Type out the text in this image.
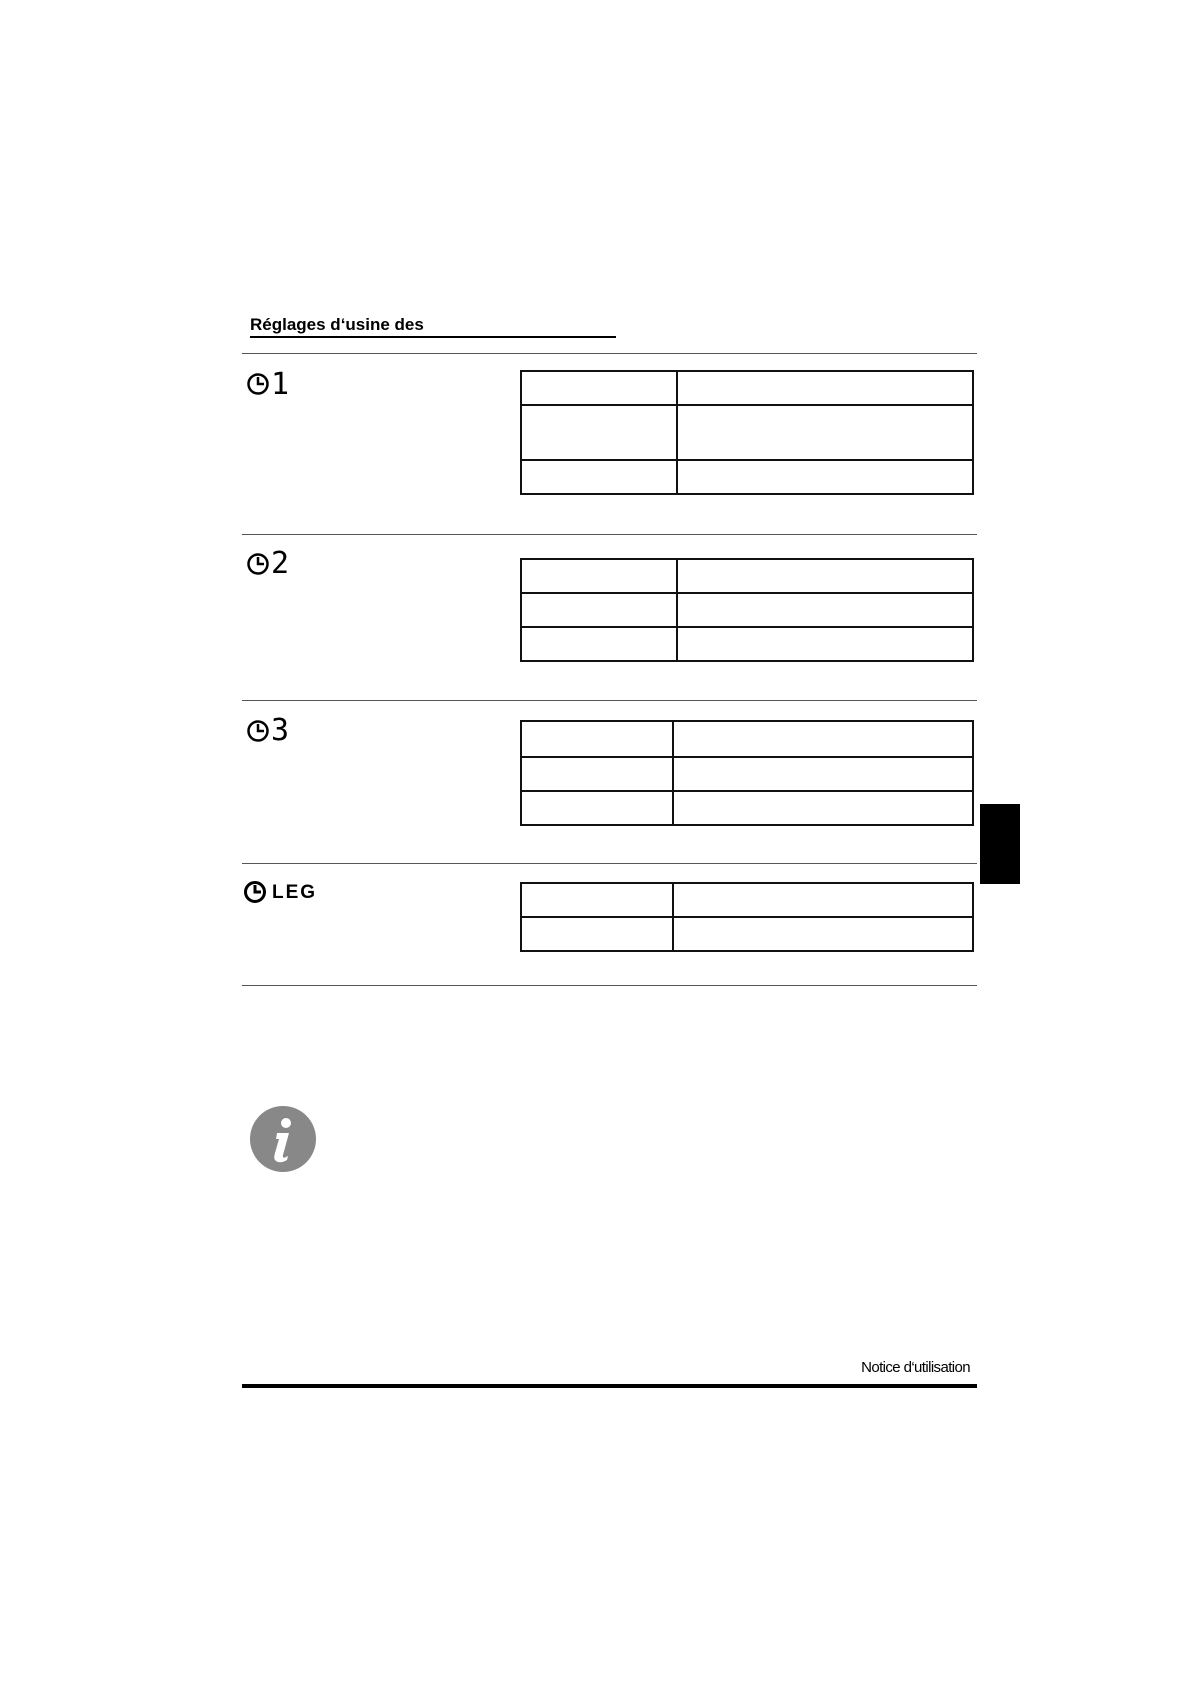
Réglages d‘usine des
1

2

3

LEG

Notice d‘utilisation
